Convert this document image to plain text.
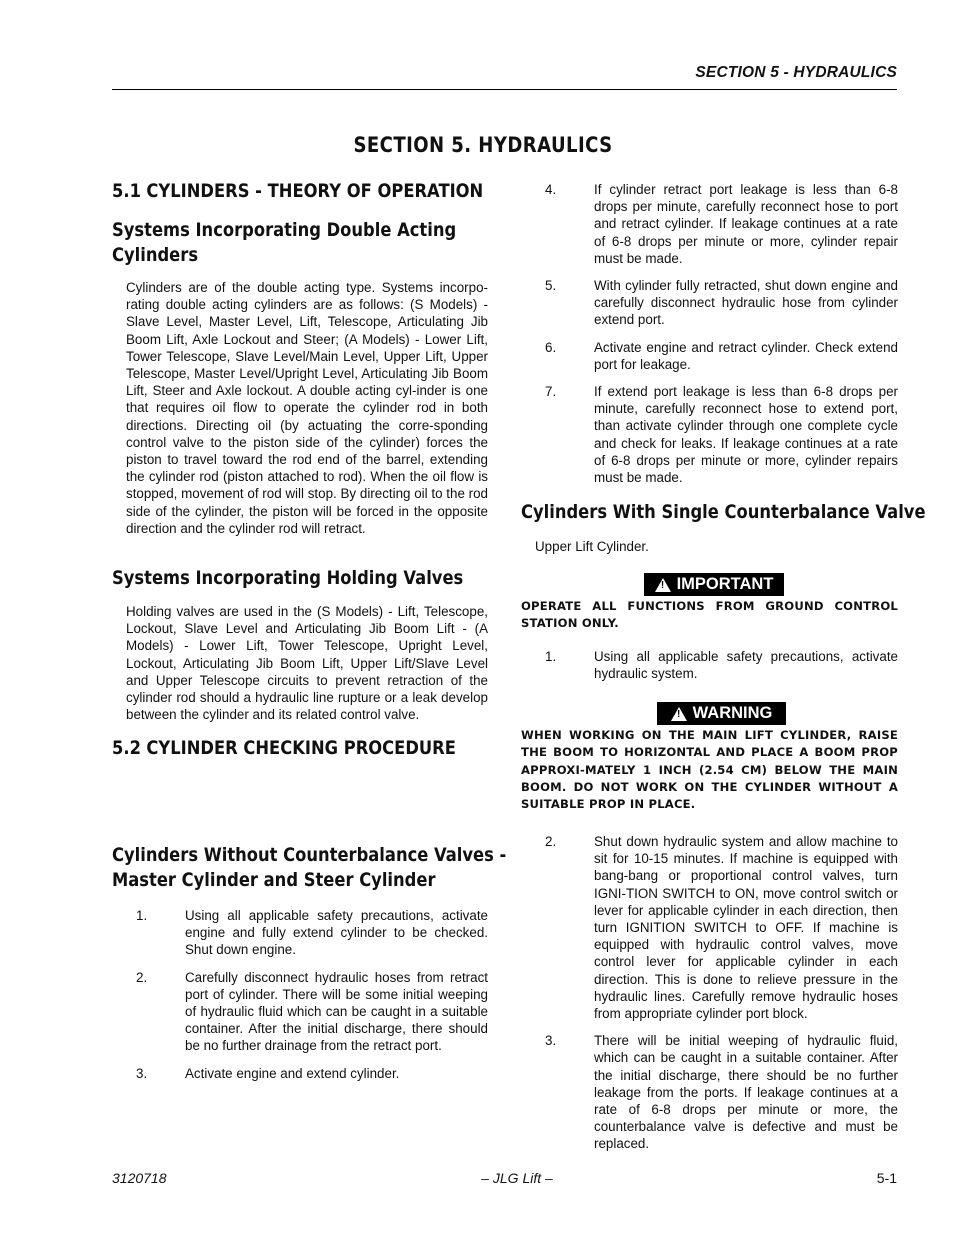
SECTION 5 - HYDRAULICS
SECTION 5. HYDRAULICS
5.1 CYLINDERS - THEORY OF OPERATION
Systems Incorporating Double Acting
Cylinders
Cylinders are of the double acting type. Systems incorpo-rating double acting cylinders are as follows: (S Models) - Slave Level, Master Level, Lift, Telescope, Articulating Jib Boom Lift, Axle Lockout and Steer; (A Models) - Lower Lift, Tower Telescope, Slave Level/Main Level, Upper Lift, Upper Telescope, Master Level/Upright Level, Articulating Jib Boom Lift, Steer and Axle lockout. A double acting cyl-inder is one that requires oil flow to operate the cylinder rod in both directions. Directing oil (by actuating the corre-sponding control valve to the piston side of the cylinder) forces the piston to travel toward the rod end of the barrel, extending the cylinder rod (piston attached to rod). When the oil flow is stopped, movement of rod will stop. By directing oil to the rod side of the cylinder, the piston will be forced in the opposite direction and the cylinder rod will retract.
Systems Incorporating Holding Valves
Holding valves are used in the (S Models) - Lift, Telescope, Lockout, Slave Level and Articulating Jib Boom Lift - (A Models) - Lower Lift, Tower Telescope, Upright Level, Lockout, Articulating Jib Boom Lift, Upper Lift/Slave Level and Upper Telescope circuits to prevent retraction of the cylinder rod should a hydraulic line rupture or a leak develop between the cylinder and its related control valve.
5.2 CYLINDER CHECKING PROCEDURE
Cylinders Without Counterbalance Valves -
Master Cylinder and Steer Cylinder
1.	Using all applicable safety precautions, activate engine and fully extend cylinder to be checked. Shut down engine.
2.	Carefully disconnect hydraulic hoses from retract port of cylinder. There will be some initial weeping of hydraulic fluid which can be caught in a suitable container. After the initial discharge, there should be no further drainage from the retract port.
3.	Activate engine and extend cylinder.
4.	If cylinder retract port leakage is less than 6-8 drops per minute, carefully reconnect hose to port and retract cylinder. If leakage continues at a rate of 6-8 drops per minute or more, cylinder repair must be made.
5.	With cylinder fully retracted, shut down engine and carefully disconnect hydraulic hose from cylinder extend port.
6.	Activate engine and retract cylinder. Check extend port for leakage.
7.	If extend port leakage is less than 6-8 drops per minute, carefully reconnect hose to extend port, than activate cylinder through one complete cycle and check for leaks. If leakage continues at a rate of 6-8 drops per minute or more, cylinder repairs must be made.
Cylinders With Single Counterbalance Valve
Upper Lift Cylinder.
! IMPORTANT
OPERATE ALL FUNCTIONS FROM GROUND CONTROL STATION ONLY.
1.	Using all applicable safety precautions, activate hydraulic system.
! WARNING
WHEN WORKING ON THE MAIN LIFT CYLINDER, RAISE THE BOOM TO HORIZONTAL AND PLACE A BOOM PROP APPROXI-MATELY 1 INCH (2.54 CM) BELOW THE MAIN BOOM. DO NOT WORK ON THE CYLINDER WITHOUT A SUITABLE PROP IN PLACE.
2.	Shut down hydraulic system and allow machine to sit for 10-15 minutes. If machine is equipped with bang-bang or proportional control valves, turn IGNI-TION SWITCH to ON, move control switch or lever for applicable cylinder in each direction, then turn IGNITION SWITCH to OFF. If machine is equipped with hydraulic control valves, move control lever for applicable cylinder in each direction. This is done to relieve pressure in the hydraulic lines. Carefully remove hydraulic hoses from appropriate cylinder port block.
3.	There will be initial weeping of hydraulic fluid, which can be caught in a suitable container. After the initial discharge, there should be no further leakage from the ports. If leakage continues at a rate of 6-8 drops per minute or more, the counterbalance valve is defective and must be replaced.
3120718	– JLG Lift –	5-1
